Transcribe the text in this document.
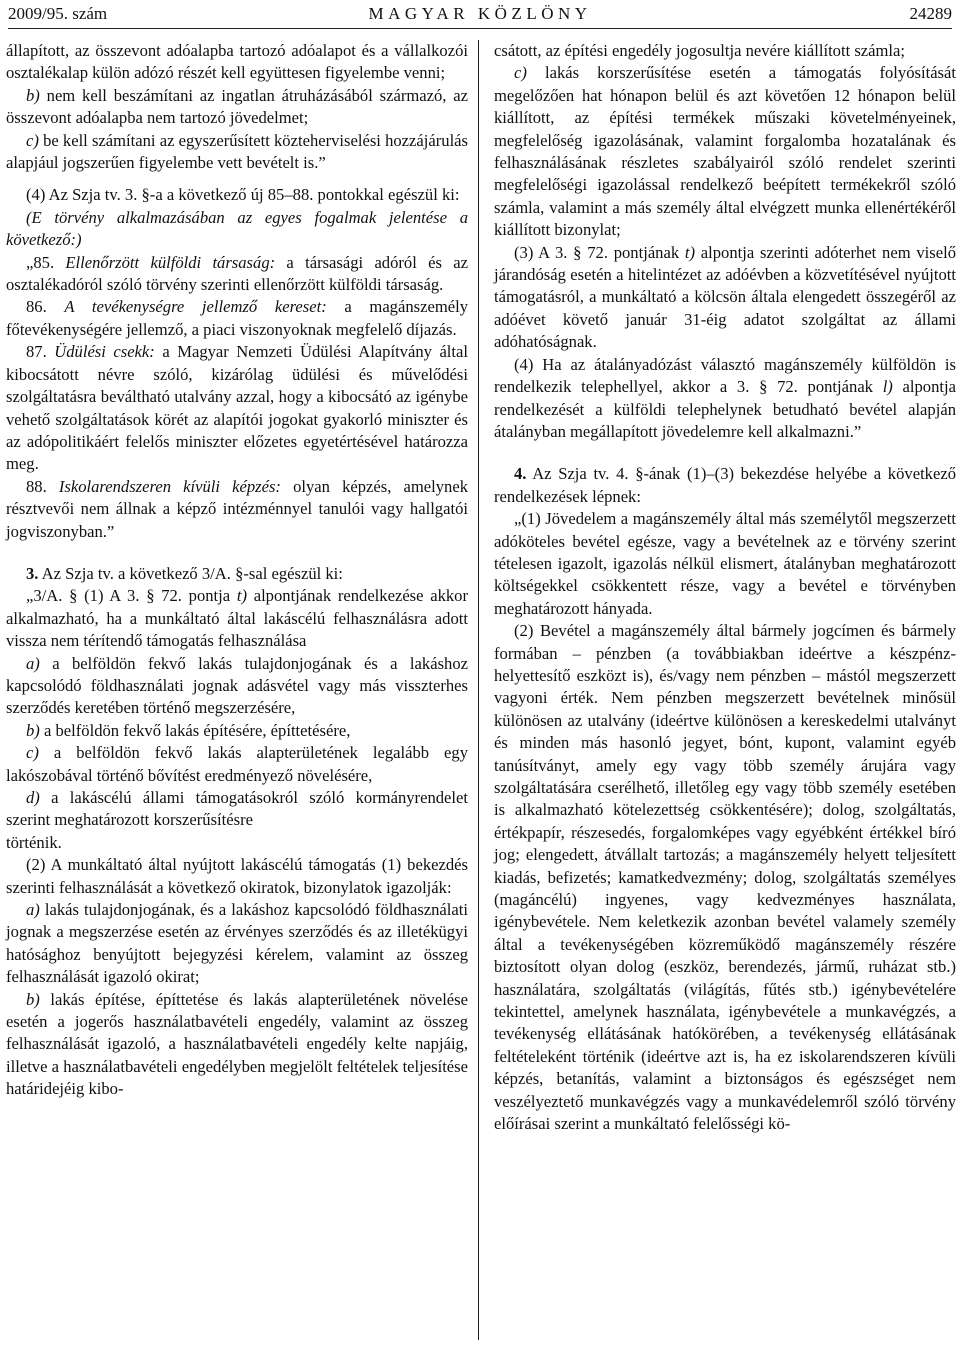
2009/95. szám	MAGYAR KÖZLÖNY	24289

állapított, az összevont adóalapba tartozó adóalapot és a vállalkozói osztalékalap külön adózó részét kell együttesen figyelembe venni;

b) nem kell beszámítani az ingatlan átruházásából származó, az összevont adóalapba nem tartozó jövedelmet;

c) be kell számítani az egyszerűsített közteherviselési hozzájárulás alapjául jogszerűen figyelembe vett bevételt is.”

(4) Az Szja tv. 3. §-a a következő új 85–88. pontokkal egészül ki:

(E törvény alkalmazásában az egyes fogalmak jelentése a következő:)

„85. Ellenőrzött külföldi társaság: a társasági adóról és az osztalékadóról szóló törvény szerinti ellenőrzött külföldi társaság.

86. A tevékenységre jellemző kereset: a magánszemély főtevékenységére jellemző, a piaci viszonyoknak megfelelő díjazás.

87. Üdülési csekk: a Magyar Nemzeti Üdülési Alapítvány által kibocsátott névre szóló, kizárólag üdülési és művelődési szolgáltatásra beváltható utalvány azzal, hogy a kibocsátó az igénybe vehető szolgáltatások körét az alapítói jogokat gyakorló miniszter és az adópolitikáért felelős miniszter előzetes egyetértésével határozza meg.

88. Iskolarendszeren kívüli képzés: olyan képzés, amelynek résztvevői nem állnak a képző intézménnyel tanulói vagy hallgatói jogviszonyban.”

3. Az Szja tv. a következő 3/A. §-sal egészül ki:

„3/A. § (1) A 3. § 72. pontja t) alpontjának rendelkezése akkor alkalmazható, ha a munkáltató által lakáscélú felhasználásra adott vissza nem térítendő támogatás felhasználása

a) a belföldön fekvő lakás tulajdonjogának és a lakáshoz kapcsolódó földhasználati jognak adásvétel vagy más visszterhes szerződés keretében történő megszerzésére,

b) a belföldön fekvő lakás építésére, építtetésére,

c) a belföldön fekvő lakás alapterületének legalább egy lakószobával történő bővítést eredményező növelésére,

d) a lakáscélú állami támogatásokról szóló kormányrendelet szerint meghatározott korszerűsítésre

történik.

(2) A munkáltató által nyújtott lakáscélú támogatás (1) bekezdés szerinti felhasználását a következő okiratok, bizonylatok igazolják:

a) lakás tulajdonjogának, és a lakáshoz kapcsolódó földhasználati jognak a megszerzése esetén az érvényes szerződés és az illetékügyi hatósághoz benyújtott bejegyzési kérelem, valamint az összeg felhasználását igazoló okirat;

b) lakás építése, építtetése és lakás alapterületének növelése esetén a jogerős használatbavételi engedély, valamint az összeg felhasználását igazoló, a használatbavételi engedély kelte napjáig, illetve a használatbavételi engedélyben megjelölt feltételek teljesítése határidejéig kibo-

csátott, az építési engedély jogosultja nevére kiállított számla;

c) lakás korszerűsítése esetén a támogatás folyósítását megelőzően hat hónapon belül és azt követően 12 hónapon belül kiállított, az építési termékek műszaki követelményeinek, megfelelőség igazolásának, valamint forgalomba hozatalának és felhasználásának részletes szabályairól szóló rendelet szerinti megfelelőségi igazolással rendelkező beépített termékekről szóló számla, valamint a más személy által elvégzett munka ellenértékéről kiállított bizonylat;

(3) A 3. § 72. pontjának t) alpontja szerinti adóterhet nem viselő járandóság esetén a hitelintézet az adóévben a közvetítésével nyújtott támogatásról, a munkáltató a kölcsön általa elengedett összegéről az adóévet követő január 31-éig adatot szolgáltat az állami adóhatóságnak.

(4) Ha az átalányadózást választó magánszemély külföldön is rendelkezik telephellyel, akkor a 3. § 72. pontjának l) alpontja rendelkezését a külföldi telephelynek betudható bevétel alapján átalányban megállapított jövedelemre kell alkalmazni.”

4. Az Szja tv. 4. §-ának (1)–(3) bekezdése helyébe a következő rendelkezések lépnek:

„(1) Jövedelem a magánszemély által más személytől megszerzett adóköteles bevétel egésze, vagy a bevételnek az e törvény szerint tételesen igazolt, igazolás nélkül elismert, átalányban meghatározott költségekkel csökkentett része, vagy a bevétel e törvényben meghatározott hányada.

(2) Bevétel a magánszemély által bármely jogcímen és bármely formában – pénzben (a továbbiakban ideértve a készpénz-helyettesítő eszközt is), és/vagy nem pénzben – mástól megszerzett vagyoni érték. Nem pénzben megszerzett bevételnek minősül különösen az utalvány (ideértve különösen a kereskedelmi utalványt és minden más hasonló jegyet, bónt, kupont, valamint egyéb tanúsítványt, amely egy vagy több személy árujára vagy szolgáltatására cserélhető, illetőleg egy vagy több személy esetében is alkalmazható kötelezettség csökkentésére); dolog, szolgáltatás, értékpapír, részesedés, forgalomképes vagy egyébként értékkel bíró jog; elengedett, átvállalt tartozás; a magánszemély helyett teljesített kiadás, befizetés; kamatkedvezmény; dolog, szolgáltatás személyes (magáncélú) ingyenes, vagy kedvezményes használata, igénybevétele. Nem keletkezik azonban bevétel valamely személy által a tevékenységében közreműködő magánszemély részére biztosított olyan dolog (eszköz, berendezés, jármű, ruházat stb.) használatára, szolgáltatás (világítás, fűtés stb.) igénybevételére tekintettel, amelynek használata, igénybevétele a munkavégzés, a tevékenység ellátásának hatókörében, a tevékenység ellátásának feltételeként történik (ideértve azt is, ha ez iskolarendszeren kívüli képzés, betanítás, valamint a biztonságos és egészséget nem veszélyeztető munkavégzés vagy a munkavédelemről szóló törvény előírásai szerint a munkáltató felelősségi kö-
